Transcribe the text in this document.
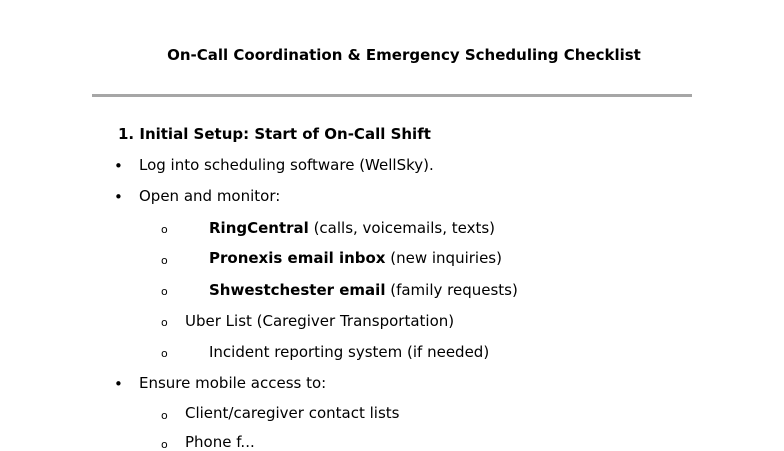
On-Call Coordination & Emergency Scheduling Checklist
1. Initial Setup: Start of On-Call Shift
• Log into scheduling software (WellSky).
• Open and monitor:
o	RingCentral (calls, voicemails, texts)
o	Pronexis email inbox (new inquiries)
o	Shwestchester email (family requests)
o Uber List (Caregiver Transportation)
o	Incident reporting system (if needed)
• Ensure mobile access to:
o Client/caregiver contact lists
o Phone f...
